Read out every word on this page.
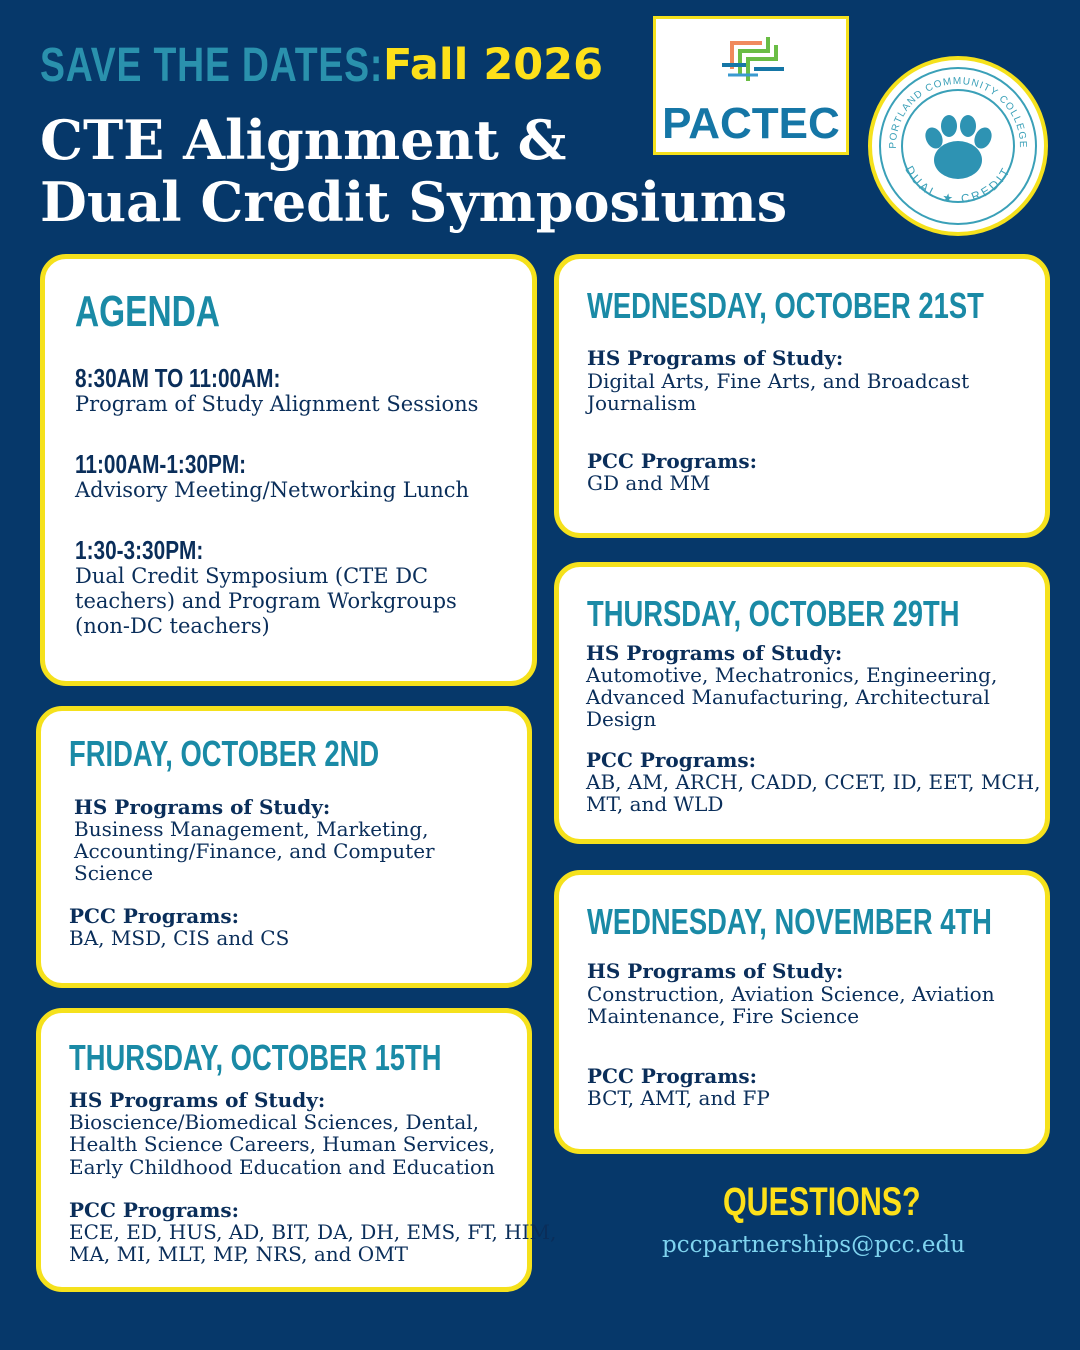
SAVE THE DATES: Fall 2026
CTE Alignment &
Dual Credit Symposiums
PACTEC	PORTLAND COMMUNITY COLLEGE
DUAL ★ CREDIT
AGENDA
8:30AM TO 11:00AM:
Program of Study Alignment Sessions
11:00AM-1:30PM:
Advisory Meeting/Networking Lunch
1:30-3:30PM:
Dual Credit Symposium (CTE DC
teachers) and Program Workgroups
(non-DC teachers)
FRIDAY, OCTOBER 2ND
HS Programs of Study:
Business Management, Marketing,
Accounting/Finance, and Computer
Science
PCC Programs:
BA, MSD, CIS and CS
THURSDAY, OCTOBER 15TH
HS Programs of Study:
Bioscience/Biomedical Sciences, Dental,
Health Science Careers, Human Services,
Early Childhood Education and Education
PCC Programs:
ECE, ED, HUS, AD, BIT, DA, DH, EMS, FT, HIM,
MA, MI, MLT, MP, NRS, and OMT
WEDNESDAY, OCTOBER 21ST
HS Programs of Study:
Digital Arts, Fine Arts, and Broadcast
Journalism
PCC Programs:
GD and MM
THURSDAY, OCTOBER 29TH
HS Programs of Study:
Automotive, Mechatronics, Engineering,
Advanced Manufacturing, Architectural
Design
PCC Programs:
AB, AM, ARCH, CADD, CCET, ID, EET, MCH,
MT, and WLD
WEDNESDAY, NOVEMBER 4TH
HS Programs of Study:
Construction, Aviation Science, Aviation
Maintenance, Fire Science
PCC Programs:
BCT, AMT, and FP
QUESTIONS?
pccpartnerships@pcc.edu
